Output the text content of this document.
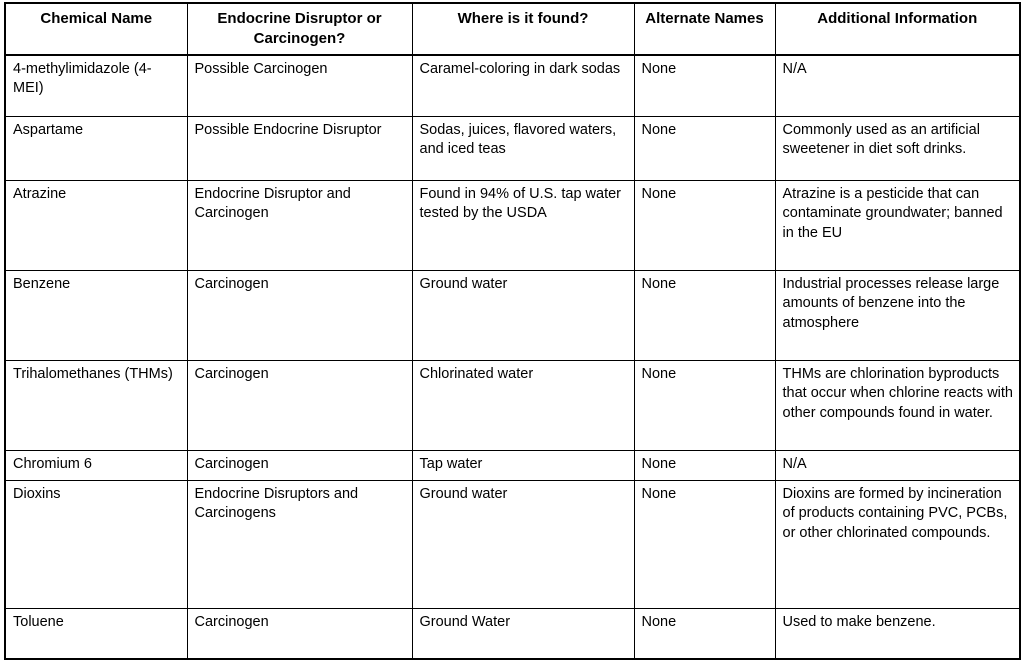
Chemical Name	Endocrine Disruptor or Carcinogen?	Where is it found?	Alternate Names	Additional Information
4-methylimidazole (4-MEI)	Possible Carcinogen	Caramel-coloring in dark sodas	None	N/A
Aspartame	Possible Endocrine Disruptor	Sodas, juices, flavored waters, and iced teas	None	Commonly used as an artificial sweetener in diet soft drinks.
Atrazine	Endocrine Disruptor and Carcinogen	Found in 94% of U.S. tap water tested by the USDA	None	Atrazine is a pesticide that can contaminate groundwater; banned in the EU
Benzene	Carcinogen	Ground water	None	Industrial processes release large amounts of benzene into the atmosphere
Trihalomethanes (THMs)	Carcinogen	Chlorinated water	None	THMs are chlorination byproducts that occur when chlorine reacts with other compounds found in water.
Chromium 6	Carcinogen	Tap water	None	N/A
Dioxins	Endocrine Disruptors and Carcinogens	Ground water	None	Dioxins are formed by incineration of products containing PVC, PCBs, or other chlorinated compounds.
Toluene	Carcinogen	Ground Water	None	Used to make benzene.
